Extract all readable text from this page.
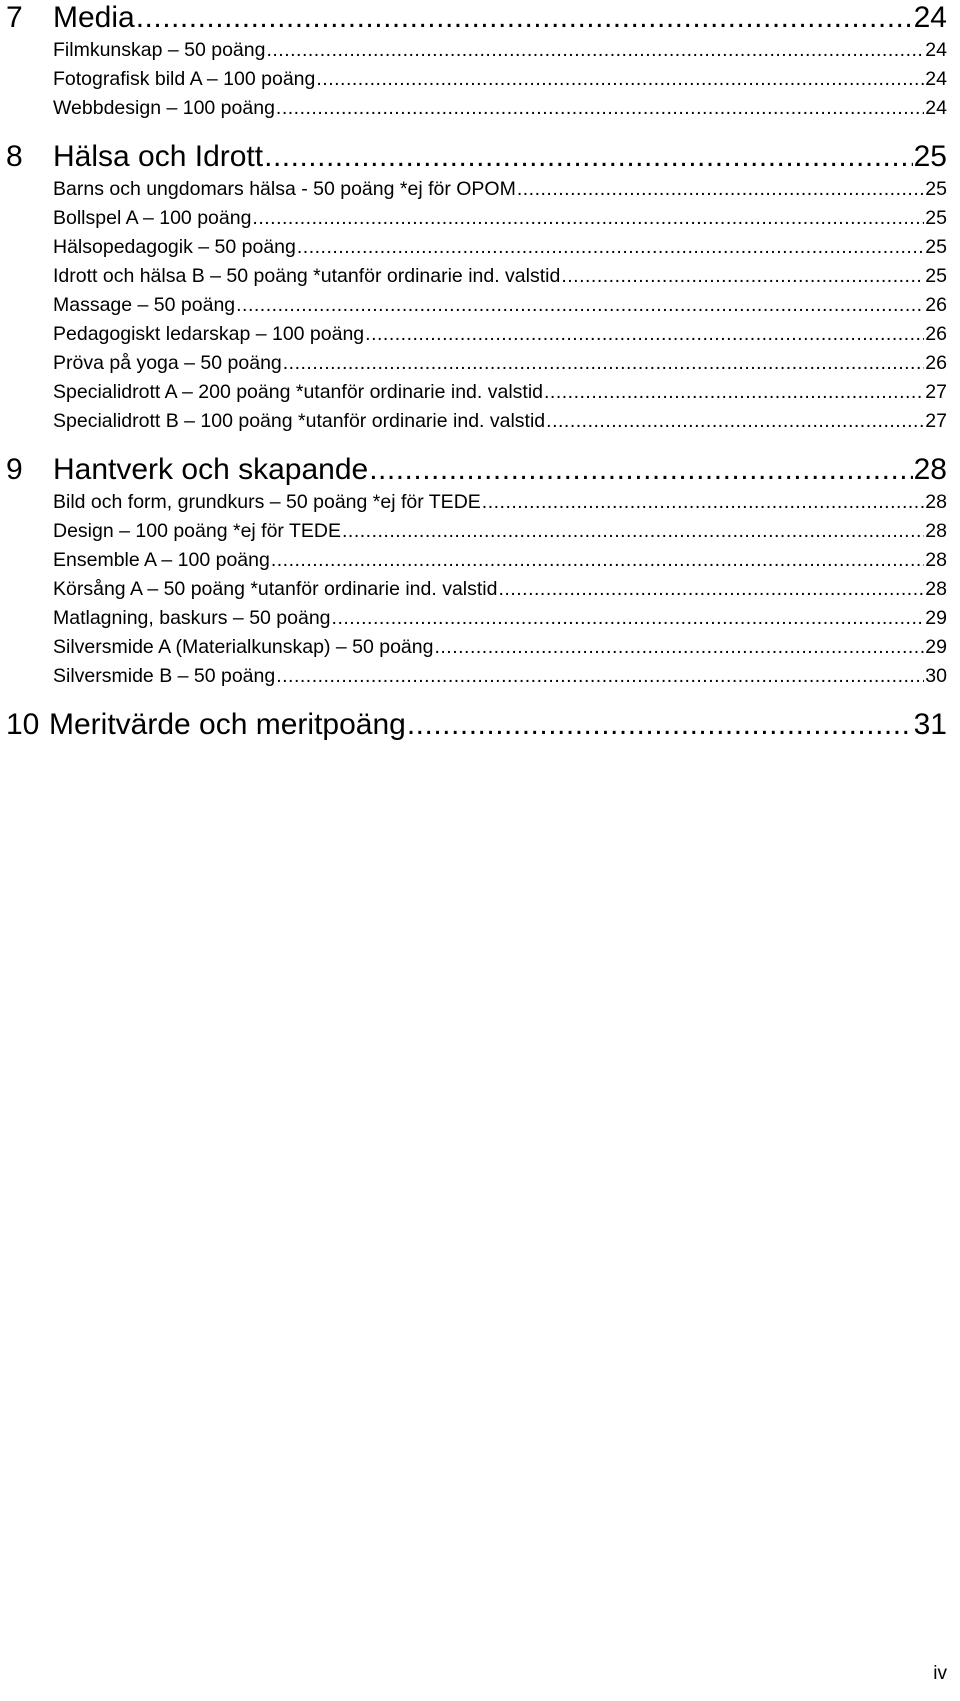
7	Media .....	24
Filmkunskap – 50 poäng .....	24
Fotografisk bild A – 100 poäng .....	24
Webbdesign – 100 poäng .....	24
8	Hälsa och Idrott .....	25
Barns och ungdomars hälsa - 50 poäng *ej för OPOM .....	25
Bollspel A – 100 poäng .....	25
Hälsopedagogik – 50 poäng .....	25
Idrott och hälsa B – 50 poäng *utanför ordinarie ind. valstid .....	25
Massage – 50 poäng .....	26
Pedagogiskt ledarskap – 100 poäng .....	26
Pröva på yoga – 50 poäng .....	26
Specialidrott A – 200 poäng *utanför ordinarie ind. valstid .....	27
Specialidrott B – 100 poäng *utanför ordinarie ind. valstid .....	27
9	Hantverk och skapande .....	28
Bild och form, grundkurs – 50 poäng *ej för TEDE .....	28
Design – 100 poäng *ej för TEDE .....	28
Ensemble A – 100 poäng .....	28
Körsång A – 50 poäng *utanför ordinarie ind. valstid .....	28
Matlagning, baskurs – 50 poäng .....	29
Silversmide A (Materialkunskap) – 50 poäng .....	29
Silversmide B – 50 poäng .....	30
10 Meritvärde och meritpoäng .....	31
iv
